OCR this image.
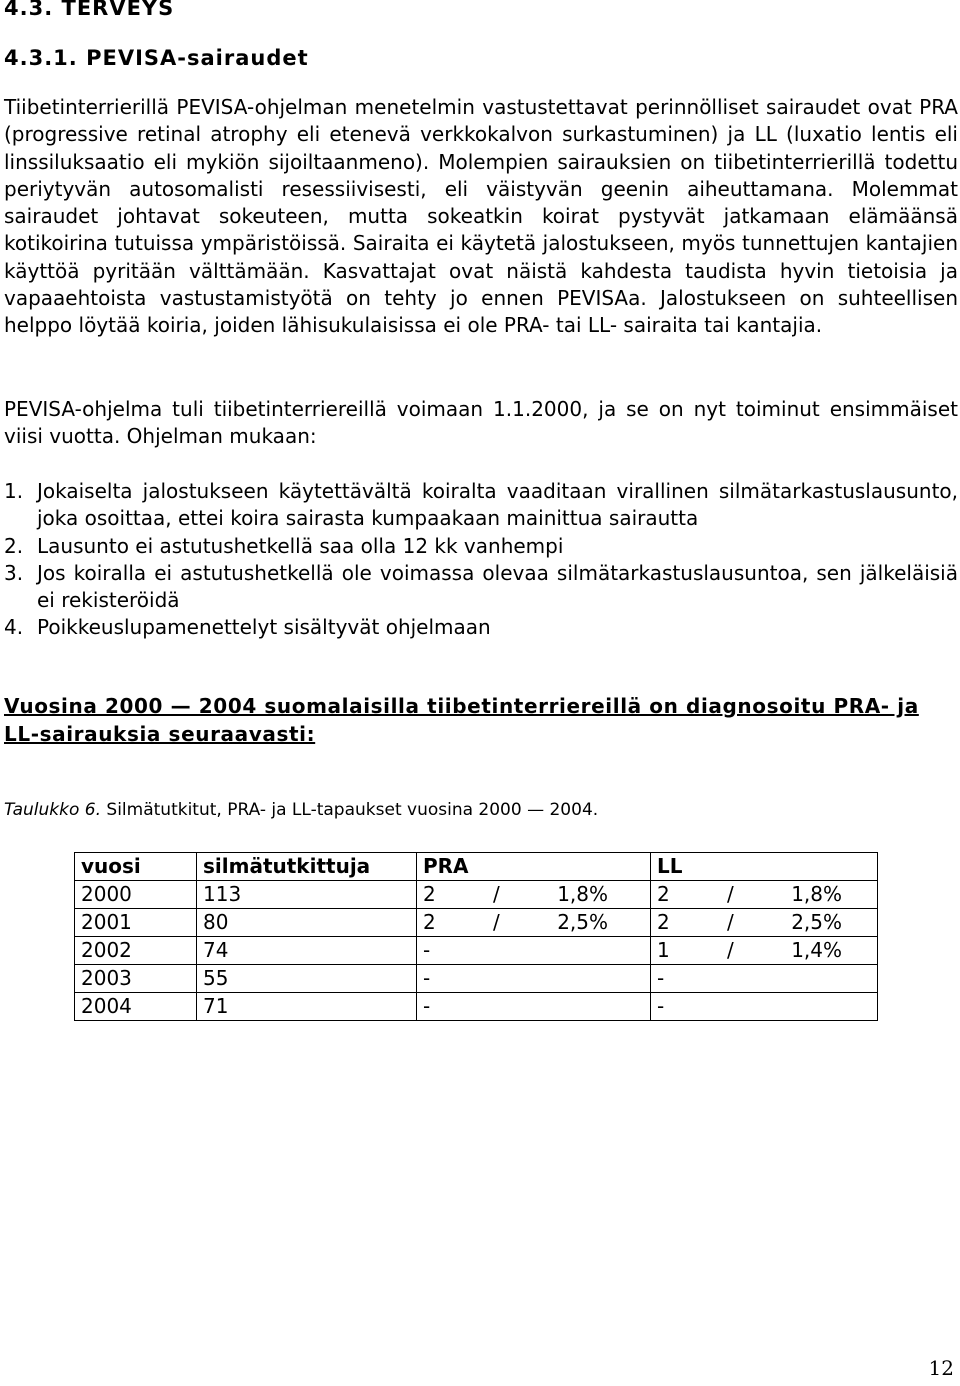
4.3. TERVEYS
4.3.1. PEVISA-sairaudet
Tiibetinterrierillä PEVISA-ohjelman menetelmin vastustettavat perinnölliset sairaudet ovat PRA (progressive retinal atrophy eli etenevä verkkokalvon surkastuminen) ja LL (luxatio lentis eli linssiluksaatio eli mykiön sijoiltaanmeno). Molempien sairauksien on tiibetinterrierillä todettu periytyvän autosomalisti resessiivisesti, eli väistyvän geenin aiheuttamana. Molemmat sairaudet johtavat sokeuteen, mutta sokeatkin koirat pystyvät jatkamaan elämäänsä kotikoirina tutuissa ympäristöissä. Sairaita ei käytetä jalostukseen, myös tunnettujen kantajien käyttöä pyritään välttämään. Kasvattajat ovat näistä kahdesta taudista hyvin tietoisia ja vapaaehtoista vastustamistyötä on tehty jo ennen PEVISAa. Jalostukseen on suhteellisen helppo löytää koiria, joiden lähisukulaisissa ei ole PRA- tai LL- sairaita tai kantajia.
PEVISA-ohjelma tuli tiibetinterriereillä voimaan 1.1.2000, ja se on nyt toiminut ensimmäiset viisi vuotta. Ohjelman mukaan:
1. Jokaiselta jalostukseen käytettävältä koiralta vaaditaan virallinen silmätarkastuslausunto, joka osoittaa, ettei koira sairasta kumpaakaan mainittua sairautta
2. Lausunto ei astutushetkellä saa olla 12 kk vanhempi
3. Jos koiralla ei astutushetkellä ole voimassa olevaa silmätarkastuslausuntoa, sen jälkeläisiä ei rekisteröidä
4. Poikkeuslupamenettelyt sisältyvät ohjelmaan
Vuosina 2000 — 2004 suomalaisilla tiibetinterriereillä on diagnosoitu PRA- ja LL-sairauksia seuraavasti:
Taulukko 6. Silmätutkitut, PRA- ja LL-tapaukset vuosina 2000 — 2004.
vuosi	silmätutkittuja	PRA	LL
2000	113	2 / 1,8%	2 / 1,8%

2001	80	2 / 2,5%	2 / 2,5%

2002	74	-	1 / 1,4%

2003	55	-	-

2004	71	-	-
12
